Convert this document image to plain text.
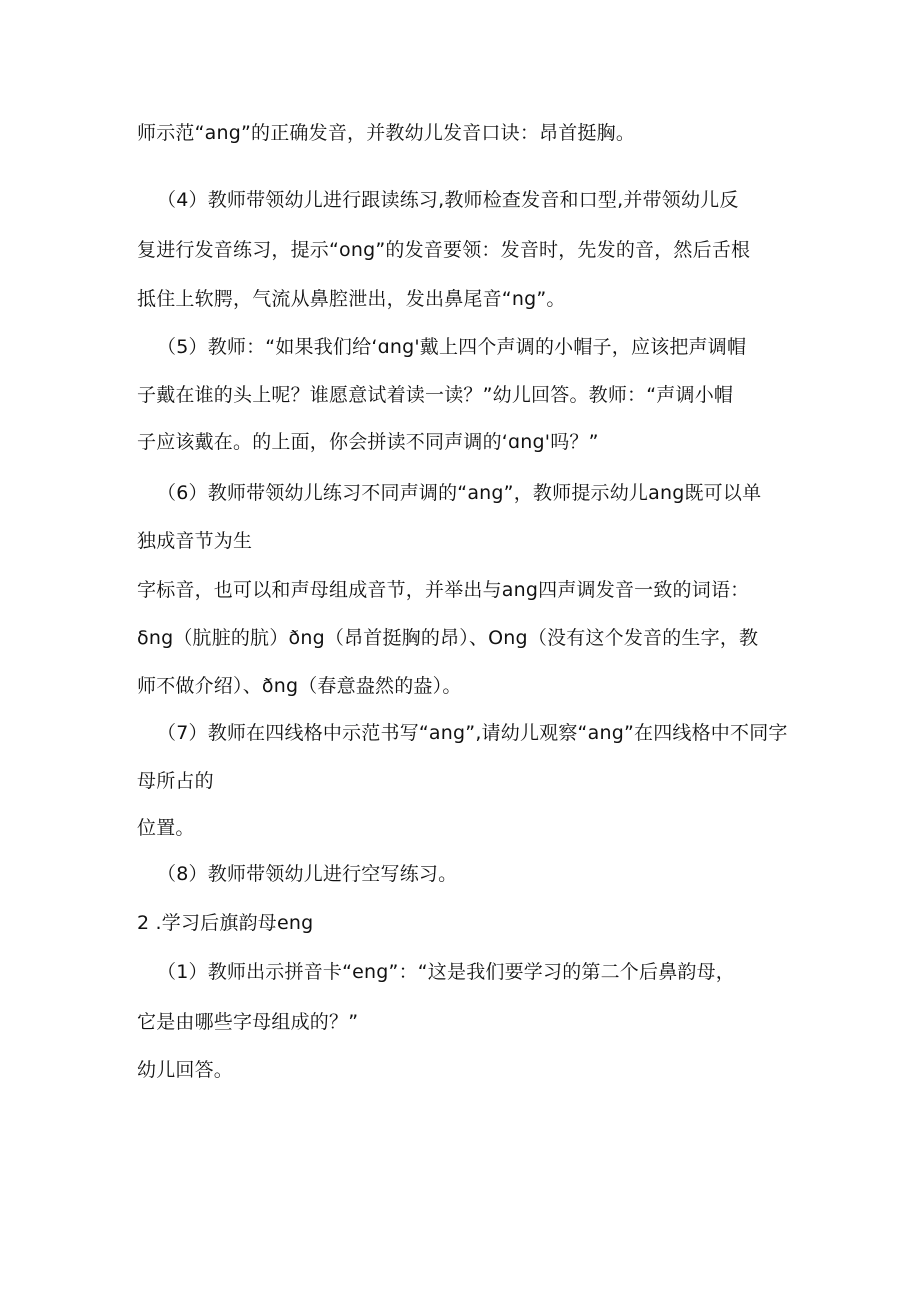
师示范“ang”的正确发音，并教幼儿发音口诀：昂首挺胸。
（4）教师带领幼儿进行跟读练习,教师检查发音和口型,并带领幼儿反
复进行发音练习，提示“ong”的发音要领：发音时，先发的音，然后舌根
抵住上软腭，气流从鼻腔泄出，发出鼻尾音“ng”。
（5）教师：“如果我们给‘ɑng'戴上四个声调的小帽子，应该把声调帽
子戴在谁的头上呢？谁愿意试着读一读？”幼儿回答。教师：“声调小帽
子应该戴在。的上面，你会拼读不同声调的‘ɑng'吗？”
（6）教师带领幼儿练习不同声调的“ang”，教师提示幼儿ang既可以单
独成音节为生
字标音，也可以和声母组成音节，并举出与ang四声调发音一致的词语：
δng（肮脏的肮）ðng（昂首挺胸的昂）、Ong（没有这个发音的生字，教
师不做介绍）、ðng（春意盎然的盎）。
（7）教师在四线格中示范书写“ang”,请幼儿观察“ang”在四线格中不同字
母所占的
位置。
（8）教师带领幼儿进行空写练习。
2 .学习后旗韵母eng
（1）教师出示拼音卡“eng”：“这是我们要学习的第二个后鼻韵母，
它是由哪些字母组成的？”
幼儿回答。
